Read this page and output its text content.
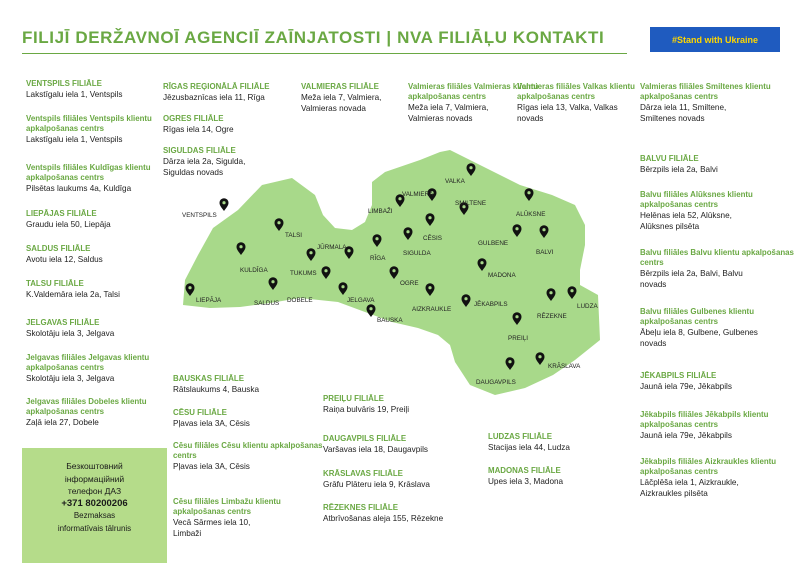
FILIJĪ DERŽAVNOĪ AGENCIĪ ZAĪNJATOSTI | NVA FILIĀĻU KONTAKTI	#Stand with Ukraine
VENTSPILS
TALSI
KULDĪGA	TUKUMS
JŪRMALA
LIEPĀJA	SALDUS DOBELE	JELGAVA
BAUSKA
RĪGA
OGRE
SIGULDA
CĒSIS
LIMBAŽI
VALMIERA
SMILTENE
VALKA
ALŪKSNE
GULBENE
BALVI
MADONA
AIZKRAUKLE
JĒKABPILS
RĒZEKNE
LUDZA
PREIĻI
KRĀSLAVA
DAUGAVPILS
VENTSPILS FILIĀLE
Lakstīgalu iela 1, Ventspils
Ventspils filiāles Ventspils klientu apkalpošanas centrs
Lakstīgalu iela 1, Ventspils
Ventspils filiāles Kuldīgas klientu apkalpošanas centrs
Pilsētas laukums 4a, Kuldīga
LIEPĀJAS FILIĀLE
Graudu iela 50, Liepāja
SALDUS FILIĀLE
Avotu iela 12, Saldus
TALSU FILIĀLE
K.Valdemāra iela 2a, Talsi
JELGAVAS FILIĀLE
Skolotāju iela 3, Jelgava
Jelgavas filiāles Jelgavas klientu apkalpošanas centrs
Skolotāju iela 3, Jelgava
Jelgavas filiāles Dobeles klientu apkalpošanas centrs
Zaļā iela 27, Dobele
RĪGAS REĢIONĀLĀ FILIĀLE
Jēzusbaznīcas iela 11, Rīga
OGRES FILIĀLE
Rīgas iela 14, Ogre
SIGULDAS FILIĀLE
Dārza iela 2a, Sigulda,
Siguldas novads
VALMIERAS FILIĀLE
Meža iela 7, Valmiera,
Valmieras novada
Valmieras filiāles Valmieras klientu apkalpošanas centrs
Meža iela 7, Valmiera,
Valmieras novads
Valmieras filiāles Valkas klientu apkalpošanas centrs
Rīgas iela 13, Valka, Valkas
novads
Valmieras filiāles Smiltenes klientu apkalpošanas centrs
Dārza iela 11, Smiltene,
Smiltenes novads
BALVU FILIĀLE
Bērzpils iela 2a, Balvi
Balvu filiāles Alūksnes klientu apkalpošanas centrs
Helēnas iela 52, Alūksne,
Alūksnes pilsēta
Balvu filiāles Balvu klientu apkalpošanas centrs
Bērzpils iela 2a, Balvi, Balvu
novads
Balvu filiāles Gulbenes klientu apkalpošanas centrs
Ābeļu iela 8, Gulbene, Gulbenes
novads
JĒKABPILS FILIĀLE
Jaunā iela 79e, Jēkabpils
Jēkabpils filiāles Jēkabpils klientu apkalpošanas centrs
Jaunā iela 79e, Jēkabpils
Jēkabpils filiāles Aizkraukles klientu apkalpošanas centrs
Lāčplēša iela 1, Aizkraukle,
Aizkraukles pilsēta
BAUSKAS FILIĀLE
Rātslaukums 4, Bauska
CĒSU FILIĀLE
Pļavas iela 3A, Cēsis
Cēsu filiāles Cēsu klientu apkalpošanas centrs
Pļavas iela 3A, Cēsis
Cēsu filiāles Limbažu klientu apkalpošanas centrs
Vecā Sārmes iela 10,
Limbaži
PREIĻU FILIĀLE
Raiņa bulvāris 19, Preiļi
DAUGAVPILS FILIĀLE
Varšavas iela 18, Daugavpils
KRĀSLAVAS FILIĀLE
Grāfu Plāteru iela 9, Krāslava
RĒZEKNES FILIĀLE
Atbrīvošanas aleja 155, Rēzekne
LUDZAS FILIĀLE
Stacijas iela 44, Ludza
MADONAS FILIĀLE
Upes iela 3, Madona
Безкоштовний
інформаційний
телефон ДАЗ
+371 80200206
Bezmaksas
informatīvais tālrunis
